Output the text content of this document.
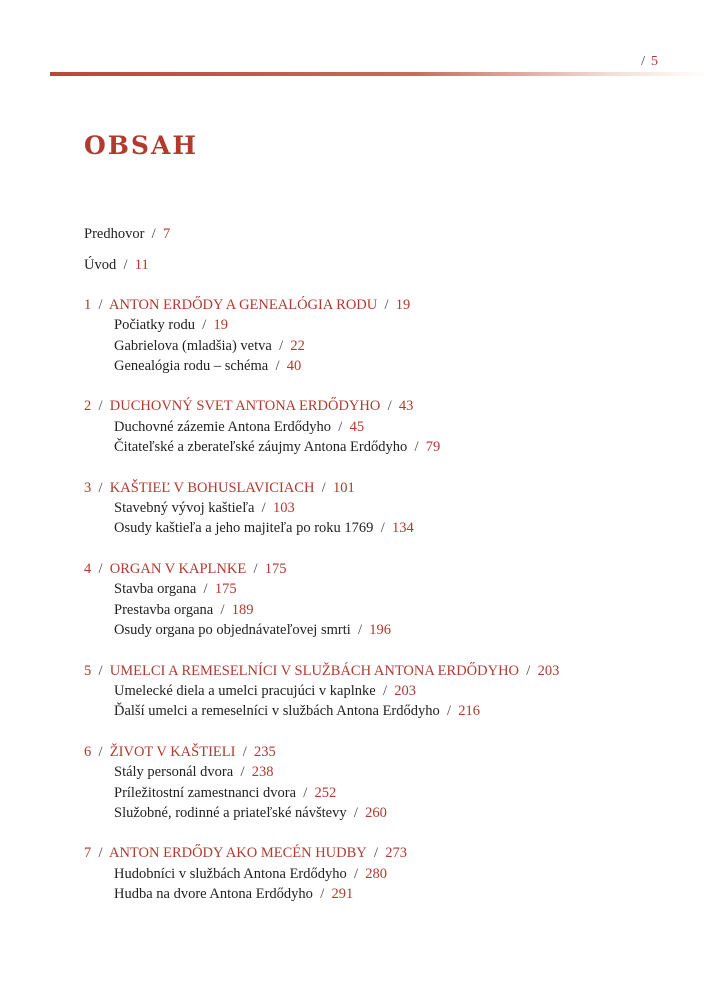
/ 5
OBSAH
Predhovor / 7
Úvod / 11
1 / ANTON ERDŐDY A GENEALÓGIA RODU / 19
Počiatky rodu / 19
Gabrielova (mladšia) vetva / 22
Genealógia rodu – schéma / 40
2 / DUCHOVNÝ SVET ANTONA ERDŐDYHO / 43
Duchovné zázemie Antona Erdődyho / 45
Čitateľské a zberateľské záujmy Antona Erdődyho / 79
3 / KAŠTIEĽ V BOHUSLAVICIACH / 101
Stavebný vývoj kaštieľa / 103
Osudy kaštieľa a jeho majiteľa po roku 1769 / 134
4 / ORGAN V KAPLNKE / 175
Stavba organa / 175
Prestavba organa / 189
Osudy organa po objednávateľovej smrti / 196
5 / UMELCI A REMESELNÍCI V SLUŽBÁCH ANTONA ERDŐDYHO / 203
Umelecké diela a umelci pracujúci v kaplnke / 203
Ďalší umelci a remeselníci v službách Antona Erdődyho / 216
6 / ŽIVOT V KAŠTIELI / 235
Stály personál dvora / 238
Príležitostní zamestnanci dvora / 252
Služobné, rodinné a priateľské návštevy / 260
7 / ANTON ERDŐDY AKO MECÉN HUDBY / 273
Hudobníci v službách Antona Erdődyho / 280
Hudba na dvore Antona Erdődyho / 291
